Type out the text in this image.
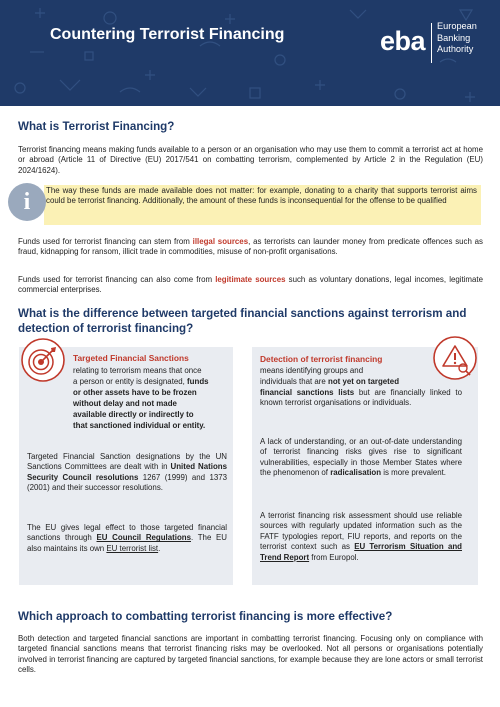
Countering Terrorist Financing	eba European
Banking
Authority
What is Terrorist Financing?

Terrorist financing means making funds available to a person or an organisation who may use them to commit a terrorist act at home or abroad (Article 11 of Directive (EU) 2017/541 on combatting terrorism, complemented by Article 2 in the Regulation (EU) 2024/1624).

The way these funds are made available does not matter: for example, donating to a charity that supports terrorist aims could be terrorist financing. Additionally, the amount of these funds is inconsequential for the offense to be qualified

i

Funds used for terrorist financing can stem from illegal sources, as terrorists can launder money from predicate offences such as fraud, kidnapping for ransom, illicit trade in commodities, misuse of non-profit organisations.

Funds used for terrorist financing can also come from legitimate sources such as voluntary donations, legal incomes, legitimate commercial enterprises.

What is the difference between targeted financial sanctions against terrorism and detection of terrorist financing?
Targeted Financial Sanctions
relating to terrorism means that once
a person or entity is designated, funds
or other assets have to be frozen
without delay and not made
available directly or indirectly to
that sanctioned individual or entity.

Targeted Financial Sanction designations by the UN Sanctions Committees are dealt with in United Nations Security Council resolutions 1267 (1999) and 1373 (2001) and their successor resolutions.

The EU gives legal effect to those targeted financial sanctions through EU Council Regulations. The EU also maintains its own EU terrorist list.

Detection of terrorist financing
means identifying groups and
individuals that are not yet on targeted

financial sanctions lists but are financially linked to known terrorist organisations or individuals.

A lack of understanding, or an out-of-date understanding of terrorist financing risks gives rise to significant vulnerabilities, especially in those Member States where the phenomenon of radicalisation is more prevalent.

A terrorist financing risk assessment should use reliable sources with regularly updated information such as the FATF typologies report, FIU reports, and reports on the terrorist context such as EU Terrorism Situation and Trend Report from Europol.

Which approach to combatting terrorist financing is more effective?

Both detection and targeted financial sanctions are important in combatting terrorist financing. Focusing only on compliance with targeted financial sanctions means that terrorist financing risks may be overlooked. Not all persons or organisations potentially involved in terrorist financing are captured by targeted financial sanctions, for example because they are lone actors or small terrorist cells.
